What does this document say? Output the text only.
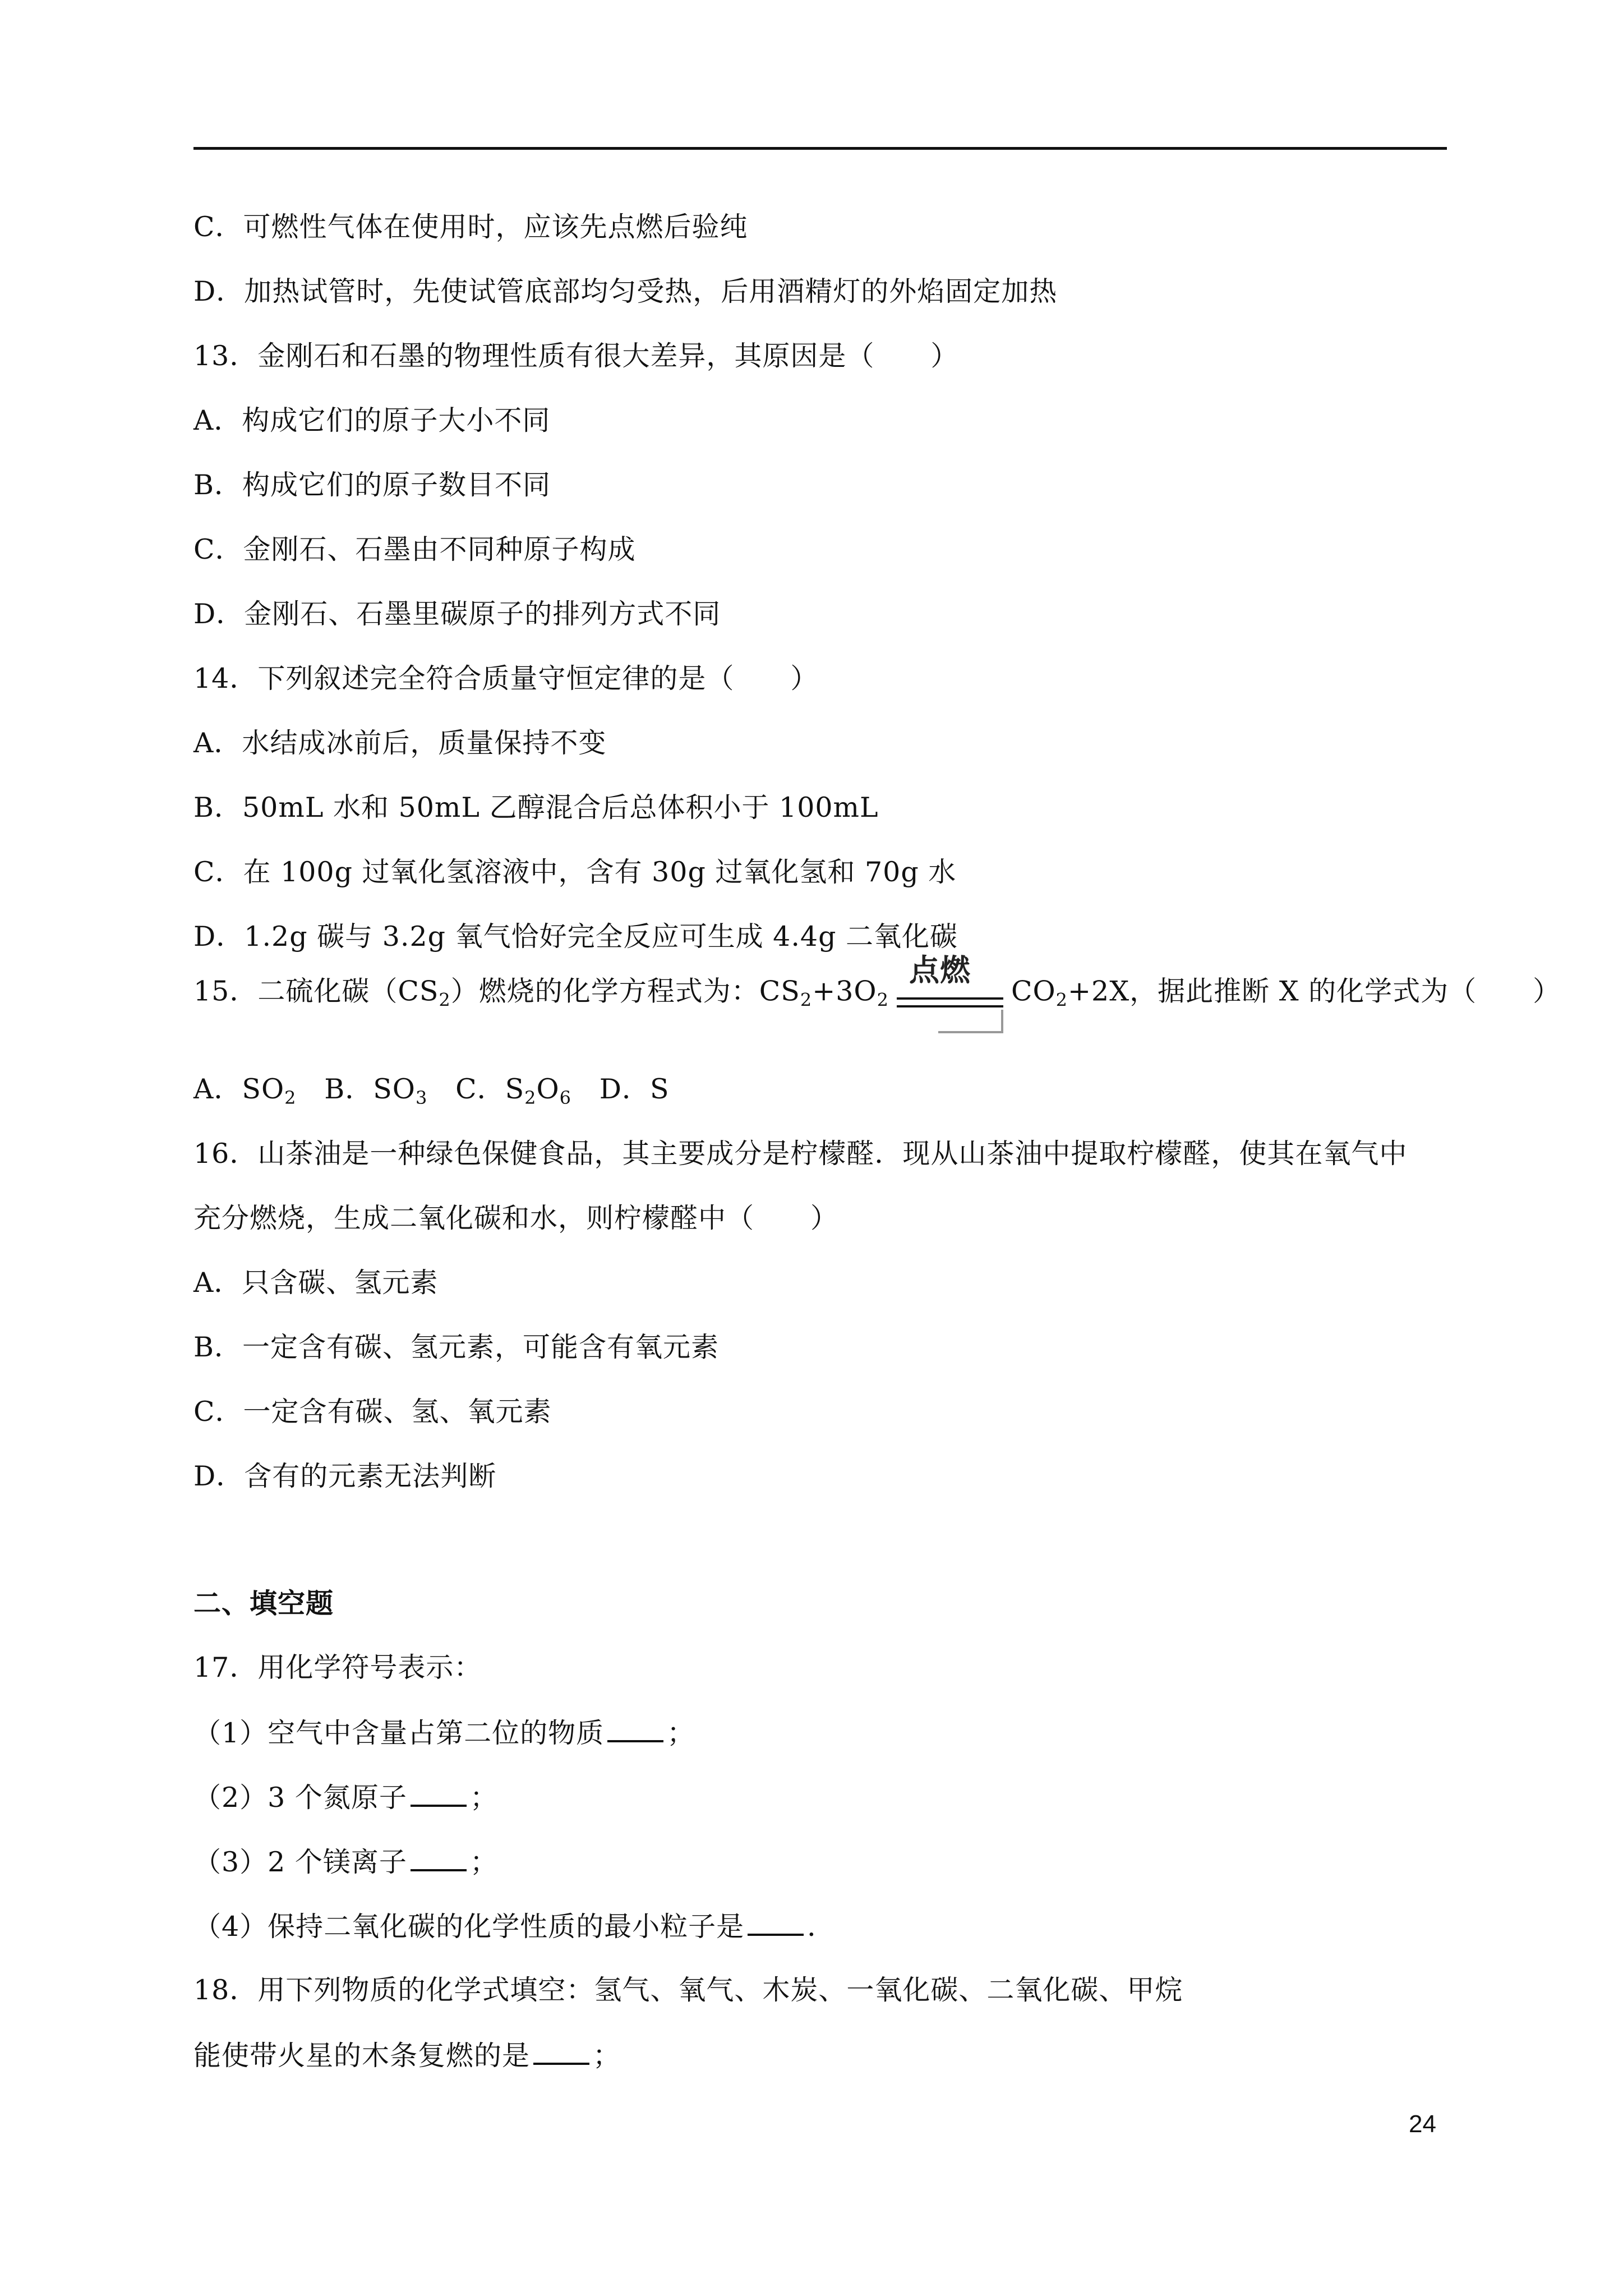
C．可燃性气体在使用时，应该先点燃后验纯
D．加热试管时，先使试管底部均匀受热，后用酒精灯的外焰固定加热
13．金刚石和石墨的物理性质有很大差异，其原因是（　　）
A．构成它们的原子大小不同
B．构成它们的原子数目不同
C．金刚石、石墨由不同种原子构成
D．金刚石、石墨里碳原子的排列方式不同
14．下列叙述完全符合质量守恒定律的是（　　）
A．水结成冰前后，质量保持不变
B．50mL 水和 50mL 乙醇混合后总体积小于 100mL
C．在 100g 过氧化氢溶液中，含有 30g 过氧化氢和 70g 水
D．1.2g 碳与 3.2g 氧气恰好完全反应可生成 4.4g 二氧化碳
15．二硫化碳$(CS_2)$燃烧的化学方程式为：$CS_2+3O_2$
点燃
$CO_2+2X$，据此推断 X 的化学式为（　　）
A．$SO_2$ B．$SO_3$ C．$S_2O_6$ D．S
16．山茶油是一种绿色保健食品，其主要成分是柠檬醛．现从山茶油中提取柠檬醛，使其在氧气中
充分燃烧，生成二氧化碳和水，则柠檬醛中（　　）
A．只含碳、氢元素
B．一定含有碳、氢元素，可能含有氧元素
C．一定含有碳、氢、氧元素
D．含有的元素无法判断
二、填空题
17．用化学符号表示：
（1）空气中含量占第二位的物质 ；
（2）3 个氮原子 ；
（3）2 个镁离子 ；
（4）保持二氧化碳的化学性质的最小粒子是 ．
18．用下列物质的化学式填空：氢气、氧气、木炭、一氧化碳、二氧化碳、甲烷
能使带火星的木条复燃的是 ；
24
